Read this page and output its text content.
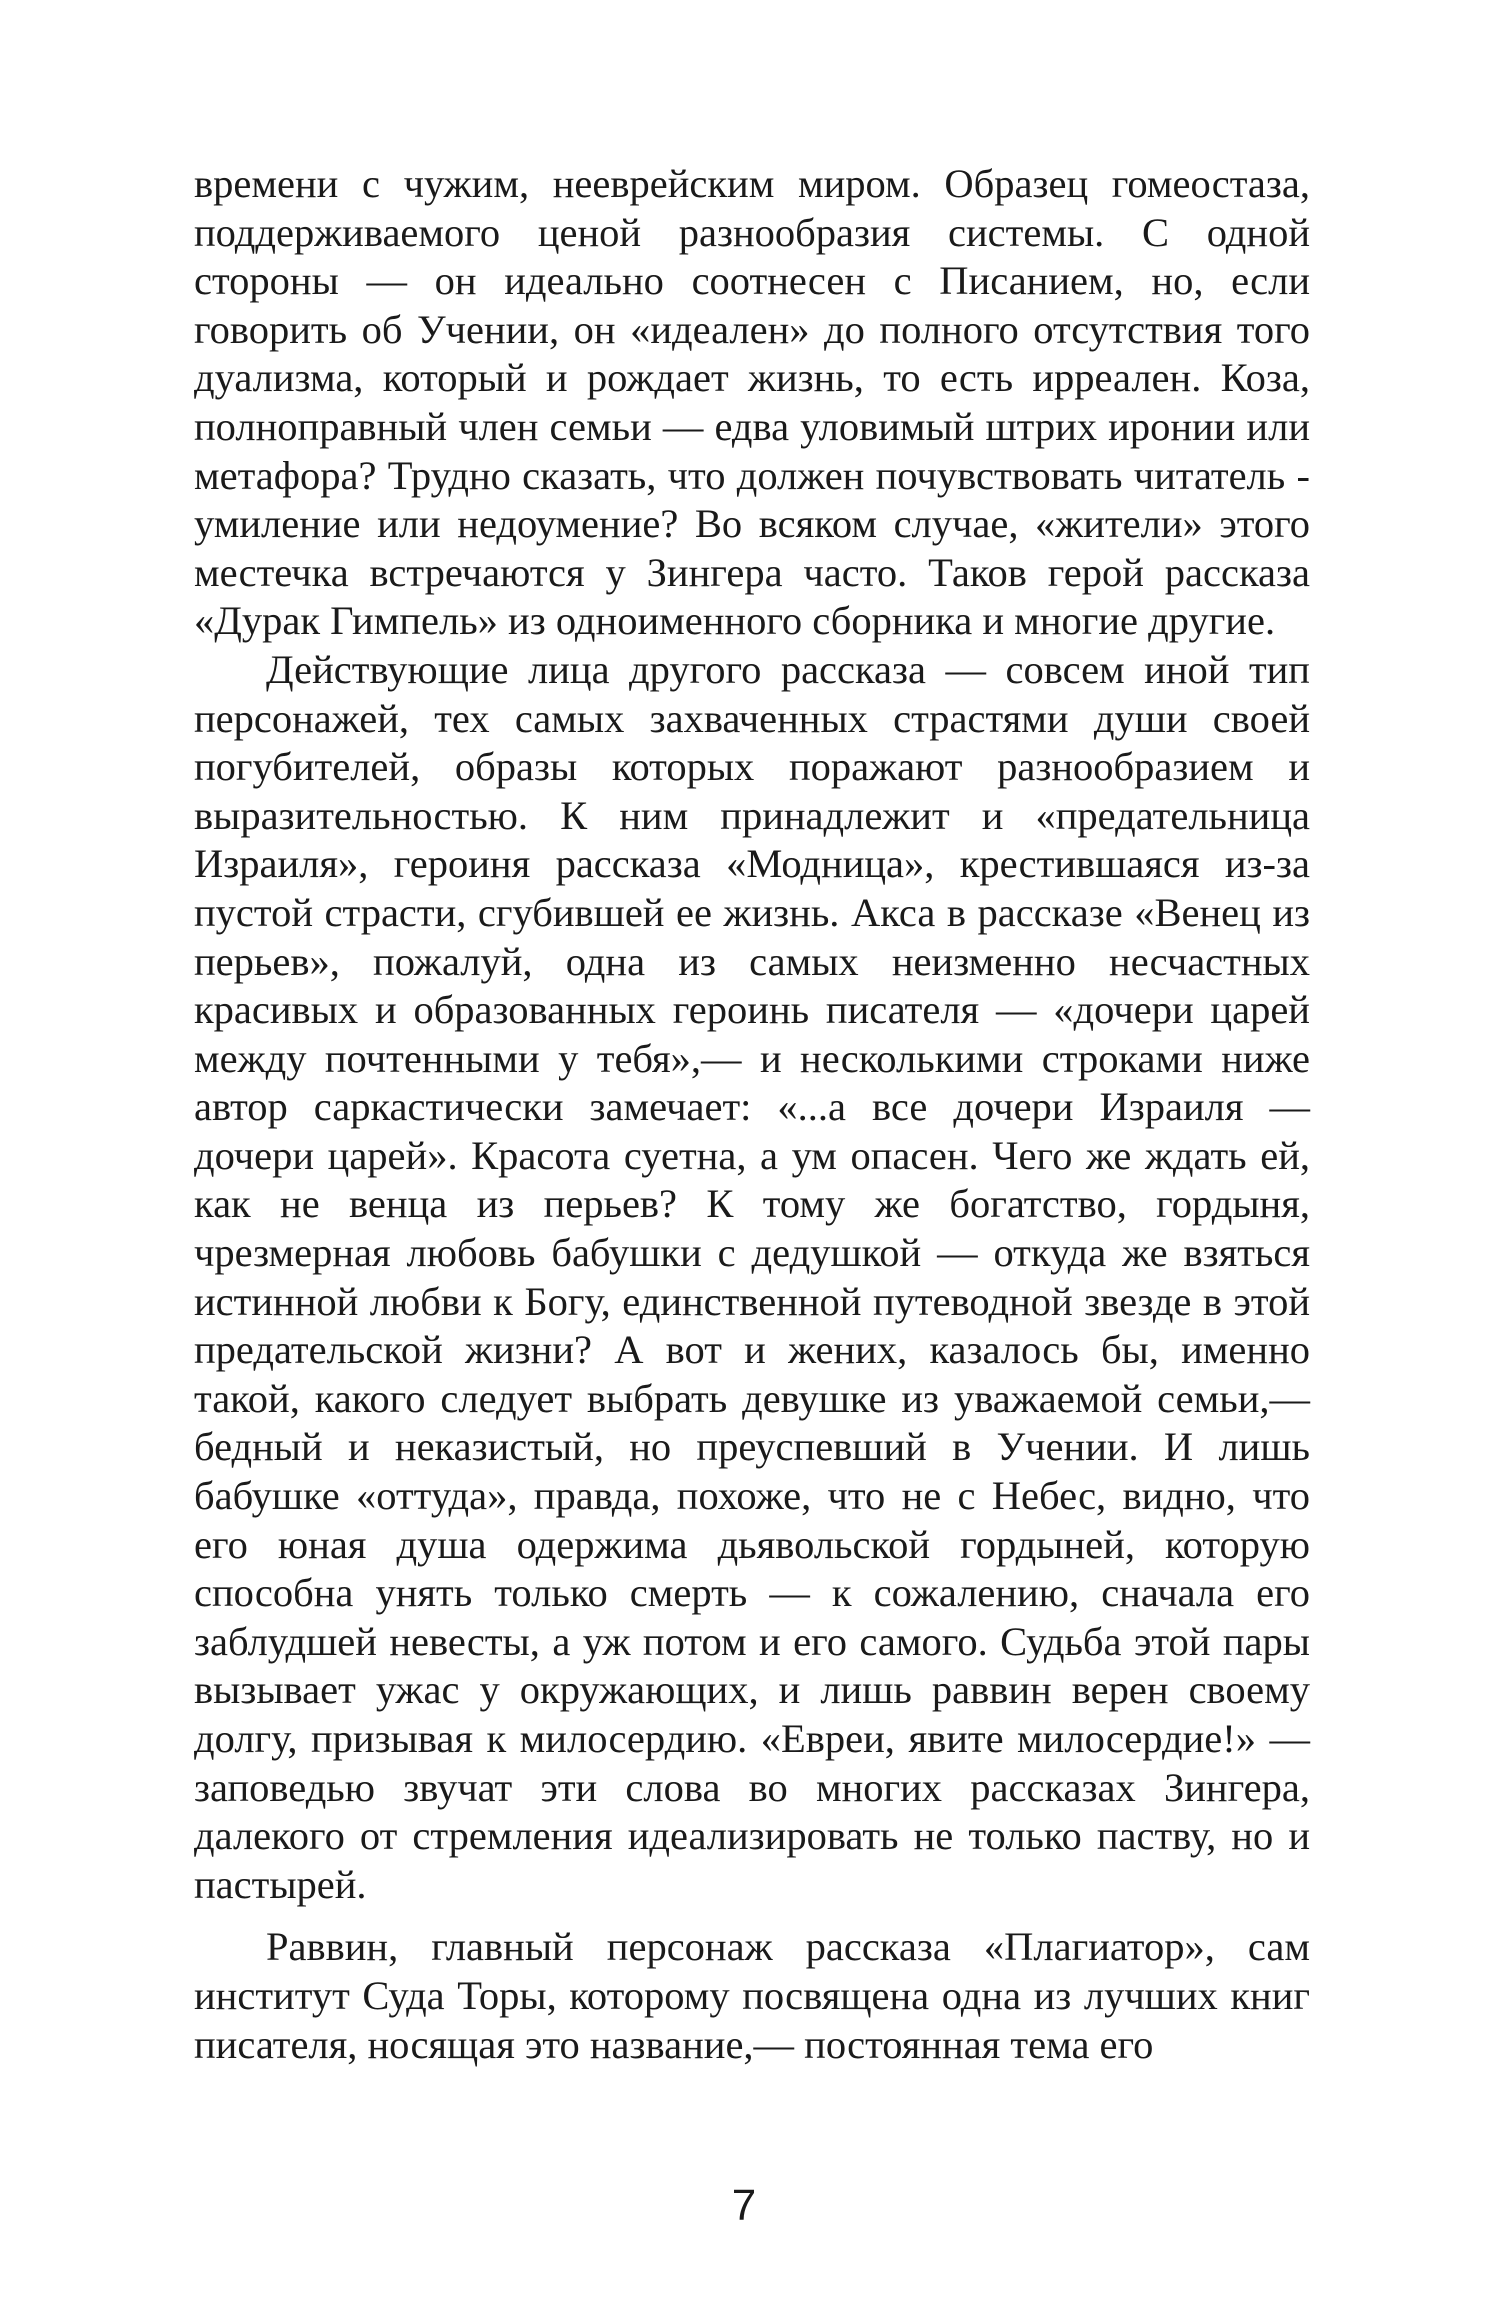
времени с чужим, нееврейским миром. Образец гомеостаза, поддерживаемого ценой разнообразия системы. С одной стороны — он идеально соотнесен с Писанием, но, если говорить об Учении, он «идеален» до полного отсутствия того дуализма, который и рождает жизнь, то есть ирреален. Коза, полноправный член семьи — едва уловимый штрих иронии или метафора? Трудно сказать, что должен почувствовать читатель - умиление или недоумение? Во всяком случае, «жители» этого местечка встречаются у Зингера часто. Таков герой рассказа «Дурак Гимпель» из одноименного сборника и многие другие.

Действующие лица другого рассказа — совсем иной тип персонажей, тех самых захваченных страстями души своей погубителей, образы которых поражают разнообразием и выразительностью. К ним принадлежит и «предательница Израиля», героиня рассказа «Модница», крестившаяся из-за пустой страсти, сгубившей ее жизнь. Акса в рассказе «Венец из перьев», пожалуй, одна из самых неизменно несчастных красивых и образованных героинь писателя — «дочери царей между почтенными у тебя»,— и несколькими строками ниже автор саркастически замечает: «...а все дочери Израиля — дочери царей». Красота суетна, а ум опасен. Чего же ждать ей, как не венца из перьев? К тому же богатство, гордыня, чрезмерная любовь бабушки с дедушкой — откуда же взяться истинной любви к Богу, единственной путеводной звезде в этой предательской жизни? А вот и жених, казалось бы, именно такой, какого следует выбрать девушке из уважаемой семьи,— бедный и неказистый, но преуспевший в Учении. И лишь бабушке «оттуда», правда, похоже, что не с Небес, видно, что его юная душа одержима дьявольской гордыней, которую способна унять только смерть — к сожалению, сначала его заблудшей невесты, а уж потом и его самого. Судьба этой пары вызывает ужас у окружающих, и лишь раввин верен своему долгу, призывая к милосердию. «Евреи, явите милосердие!» — заповедью звучат эти слова во многих рассказах Зингера, далекого от стремления идеализировать не только паству, но и пастырей.

Раввин, главный персонаж рассказа «Плагиатор», сам институт Суда Торы, которому посвящена одна из лучших книг писателя, носящая это название,— постоянная тема его

7
